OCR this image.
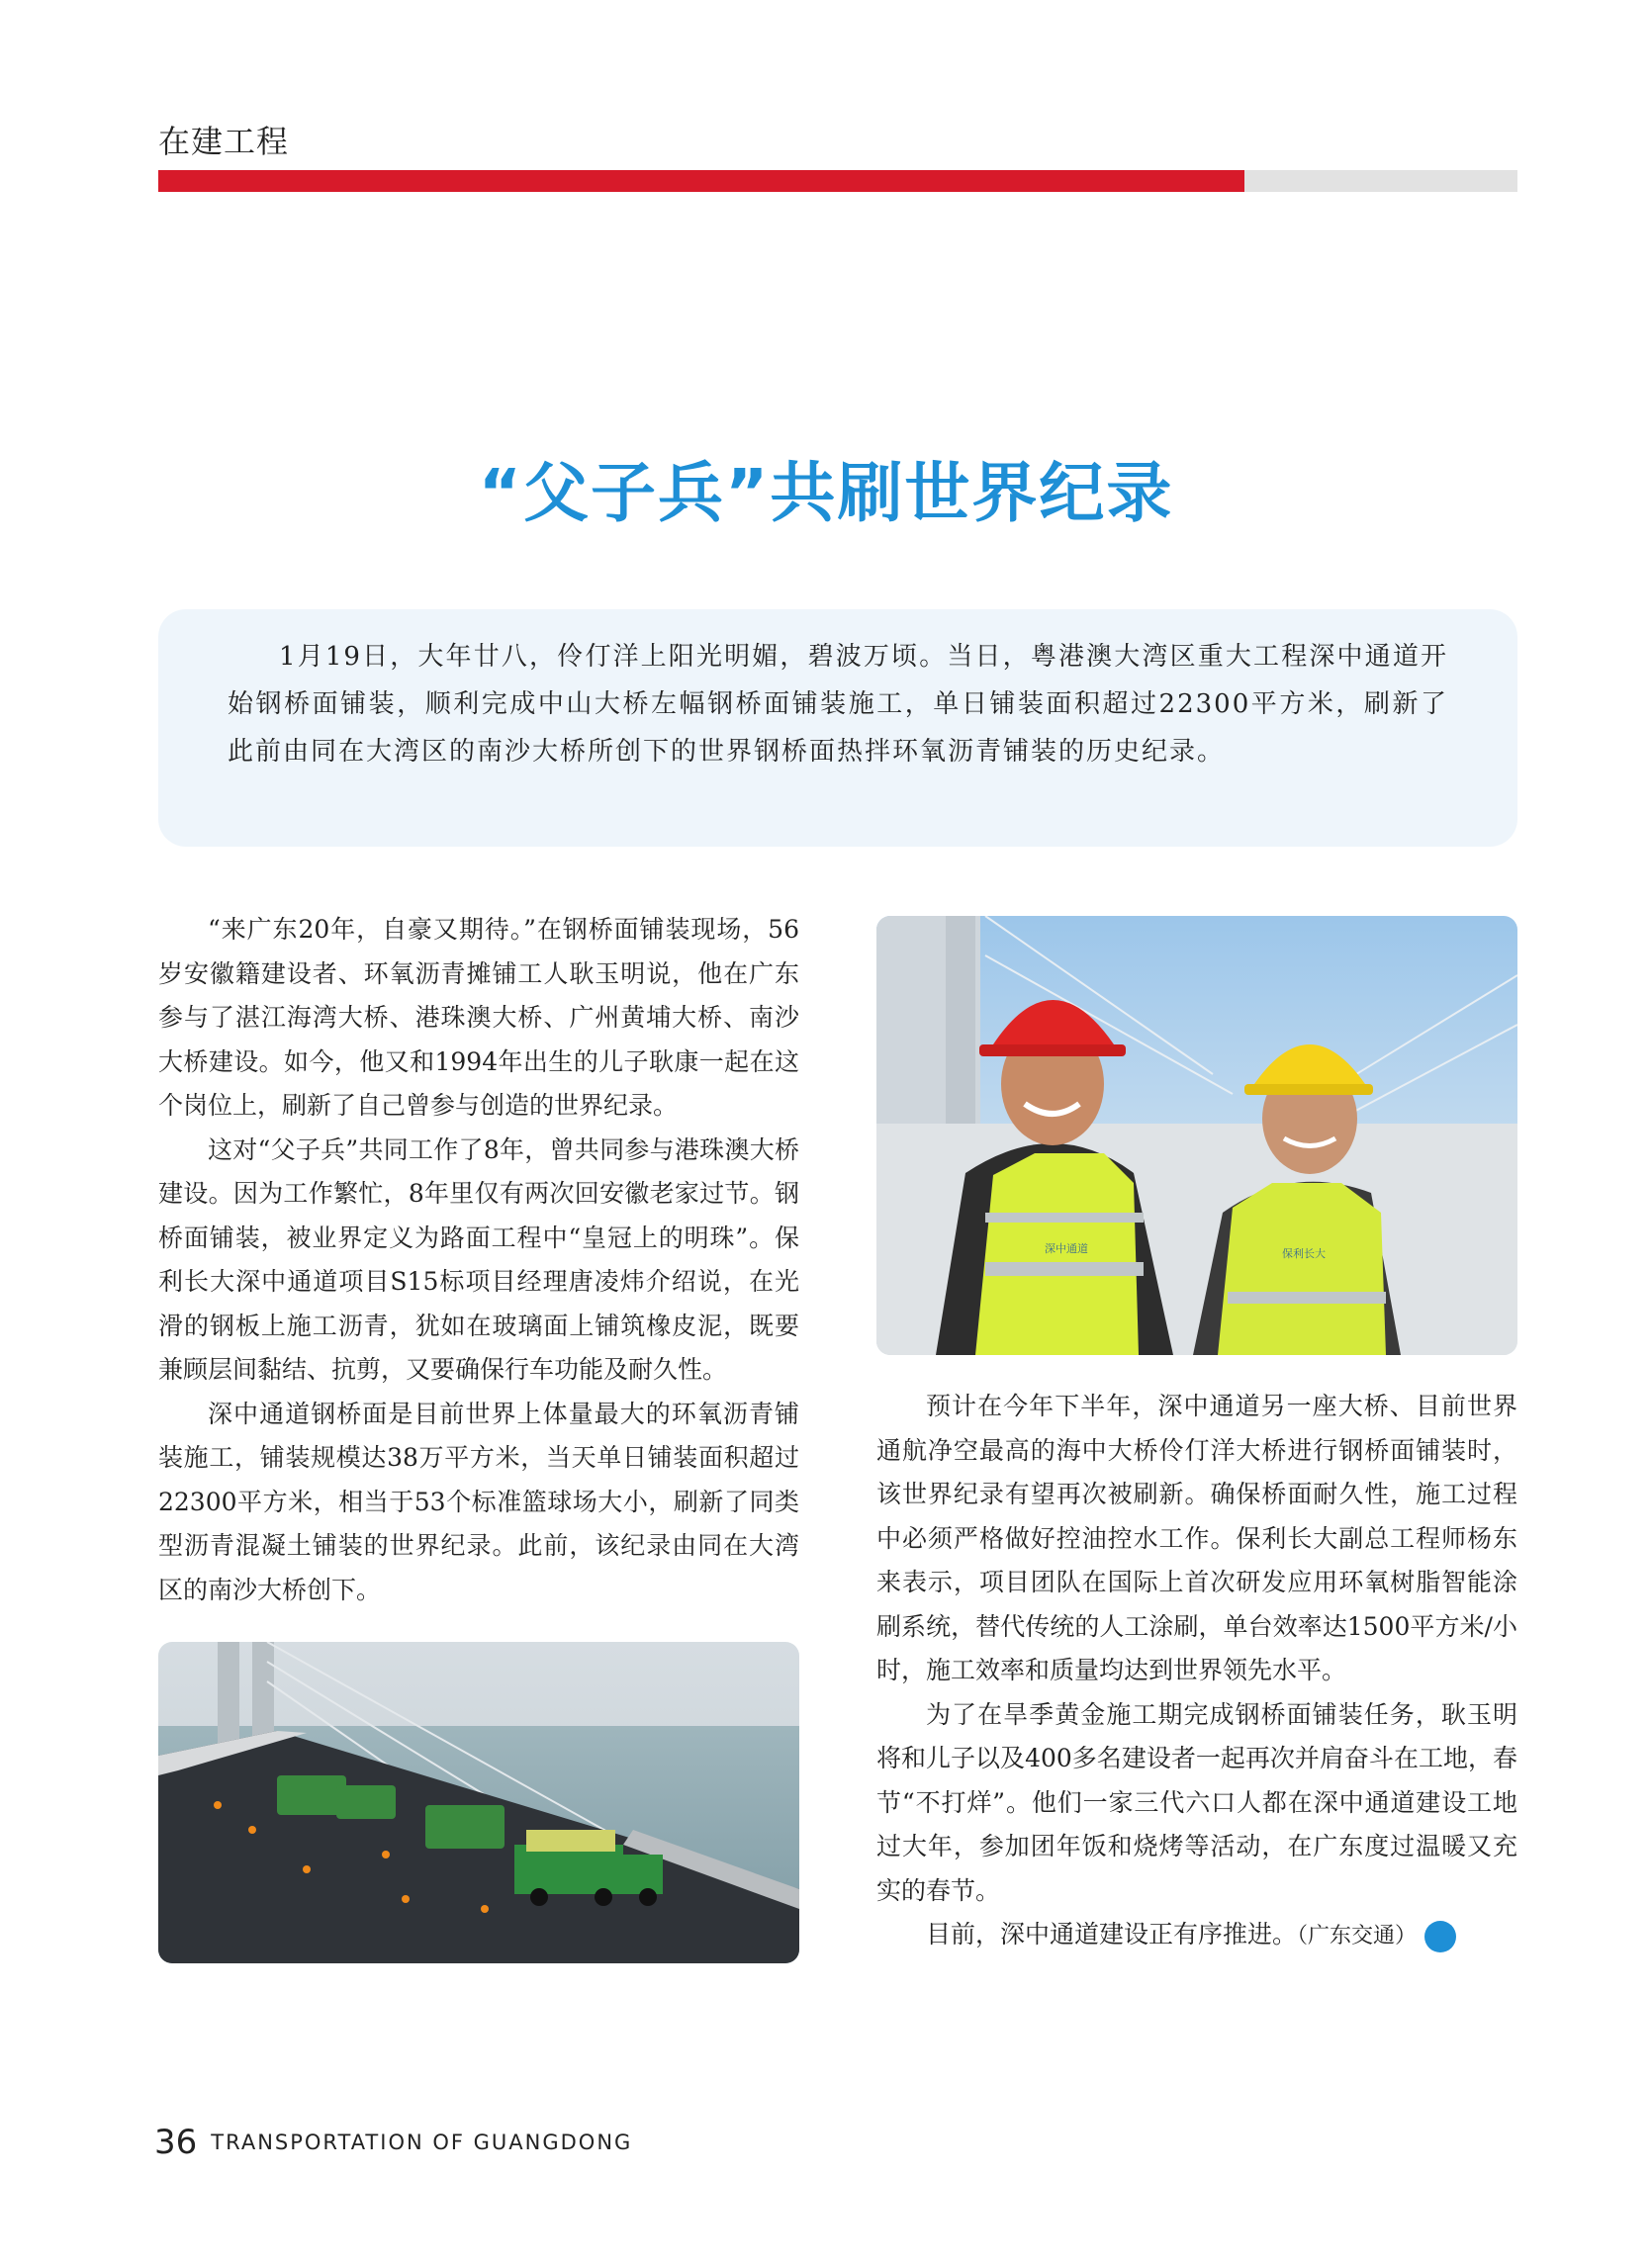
在建工程
“父子兵”共刷世界纪录

1月19日，大年廿八，伶仃洋上阳光明媚，碧波万顷。当日，粤港澳大湾区重大工程深中通道开始钢桥面铺装，顺利完成中山大桥左幅钢桥面铺装施工，单日铺装面积超过22300平方米，刷新了此前由同在大湾区的南沙大桥所创下的世界钢桥面热拌环氧沥青铺装的历史纪录。

“来广东20年，自豪又期待。”在钢桥面铺装现场，56岁安徽籍建设者、环氧沥青摊铺工人耿玉明说，他在广东参与了湛江海湾大桥、港珠澳大桥、广州黄埔大桥、南沙大桥建设。如今，他又和1994年出生的儿子耿康一起在这个岗位上，刷新了自己曾参与创造的世界纪录。

这对“父子兵”共同工作了8年，曾共同参与港珠澳大桥建设。因为工作繁忙，8年里仅有两次回安徽老家过节。钢桥面铺装，被业界定义为路面工程中“皇冠上的明珠”。保利长大深中通道项目S15标项目经理唐凌炜介绍说，在光滑的钢板上施工沥青，犹如在玻璃面上铺筑橡皮泥，既要兼顾层间黏结、抗剪，又要确保行车功能及耐久性。

深中通道钢桥面是目前世界上体量最大的环氧沥青铺装施工，铺装规模达38万平方米，当天单日铺装面积超过22300平方米，相当于53个标准篮球场大小，刷新了同类型沥青混凝土铺装的世界纪录。此前，该纪录由同在大湾区的南沙大桥创下。

深中通道	保利长大

预计在今年下半年，深中通道另一座大桥、目前世界通航净空最高的海中大桥伶仃洋大桥进行钢桥面铺装时，该世界纪录有望再次被刷新。确保桥面耐久性，施工过程中必须严格做好控油控水工作。保利长大副总工程师杨东来表示，项目团队在国际上首次研发应用环氧树脂智能涂刷系统，替代传统的人工涂刷，单台效率达1500平方米/小时，施工效率和质量均达到世界领先水平。

为了在旱季黄金施工期完成钢桥面铺装任务，耿玉明将和儿子以及400多名建设者一起再次并肩奋斗在工地，春节“不打烊”。他们一家三代六口人都在深中通道建设工地过大年，参加团年饭和烧烤等活动，在广东度过温暖又充实的春节。

目前，深中通道建设正有序推进。（广东交通）	CTA

36 TRANSPORTATION OF GUANGDONG
